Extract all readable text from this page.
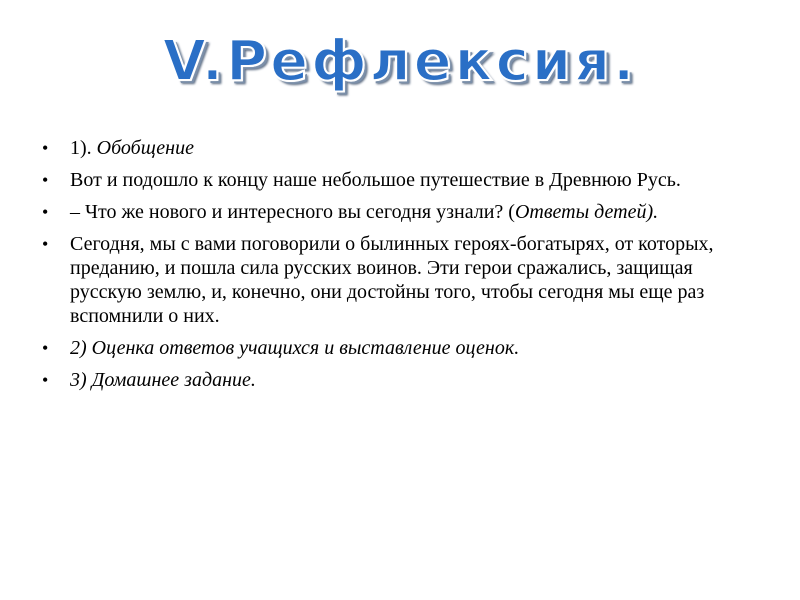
V.Рефлексия.
• 1). Обобщение
• Вот и подошло к концу наше небольшое путешествие в Древнюю Русь.
• – Что же нового и интересного вы сегодня узнали? (Ответы детей).
• Сегодня, мы с вами поговорили о былинных героях-богатырях, от которых, преданию, и пошла сила русских воинов. Эти герои сражались, защищая русскую землю, и, конечно, они достойны того, чтобы сегодня мы еще раз вспомнили о них.
• 2) Оценка ответов учащихся и выставление оценок.
• 3) Домашнее задание.
